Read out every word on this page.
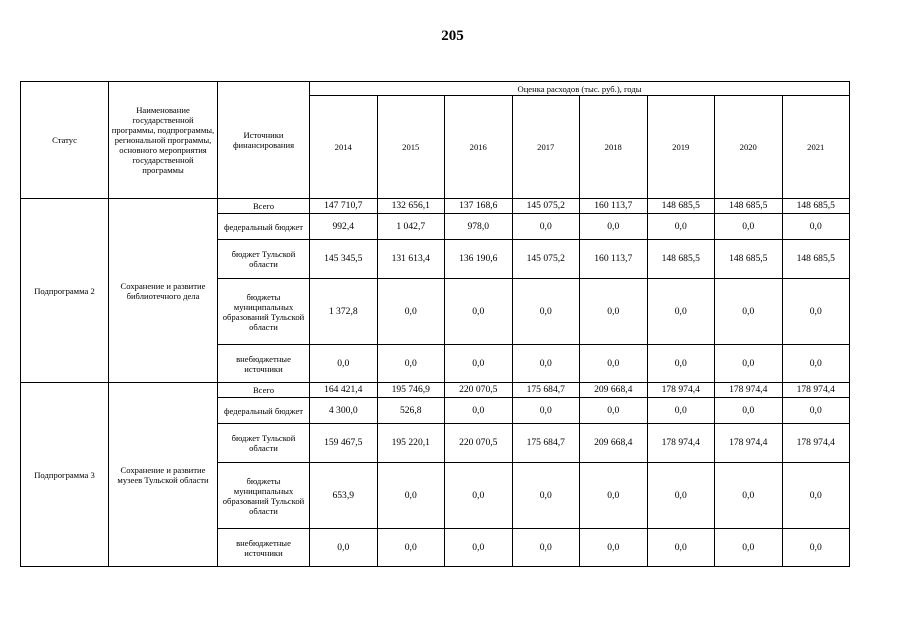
205
Статус	Наименование государственной программы, подпрограммы, региональной программы, основного мероприятия государственной программы	Источники финансирования	Оценка расходов (тыс. руб.), годы							
			2014	2015	2016	2017	2018	2019	2020	2021
Подпрограмма 2	Сохранение и развитие библиотечного дела	Всего	147 710,7	132 656,1	137 168,6	145 075,2	160 113,7	148 685,5	148 685,5	148 685,5
		федеральный бюджет	992,4	1 042,7	978,0	0,0	0,0	0,0	0,0	0,0
		бюджет Тульской области	145 345,5	131 613,4	136 190,6	145 075,2	160 113,7	148 685,5	148 685,5	148 685,5
		бюджеты муниципальных образований Тульской области	1 372,8	0,0	0,0	0,0	0,0	0,0	0,0	0,0
		внебюджетные источники	0,0	0,0	0,0	0,0	0,0	0,0	0,0	0,0
Подпрограмма 3	Сохранение и развитие музеев Тульской области	Всего	164 421,4	195 746,9	220 070,5	175 684,7	209 668,4	178 974,4	178 974,4	178 974,4
		федеральный бюджет	4 300,0	526,8	0,0	0,0	0,0	0,0	0,0	0,0
		бюджет Тульской области	159 467,5	195 220,1	220 070,5	175 684,7	209 668,4	178 974,4	178 974,4	178 974,4
		бюджеты муниципальных образований Тульской области	653,9	0,0	0,0	0,0	0,0	0,0	0,0	0,0
		внебюджетные источники	0,0	0,0	0,0	0,0	0,0	0,0	0,0	0,0
